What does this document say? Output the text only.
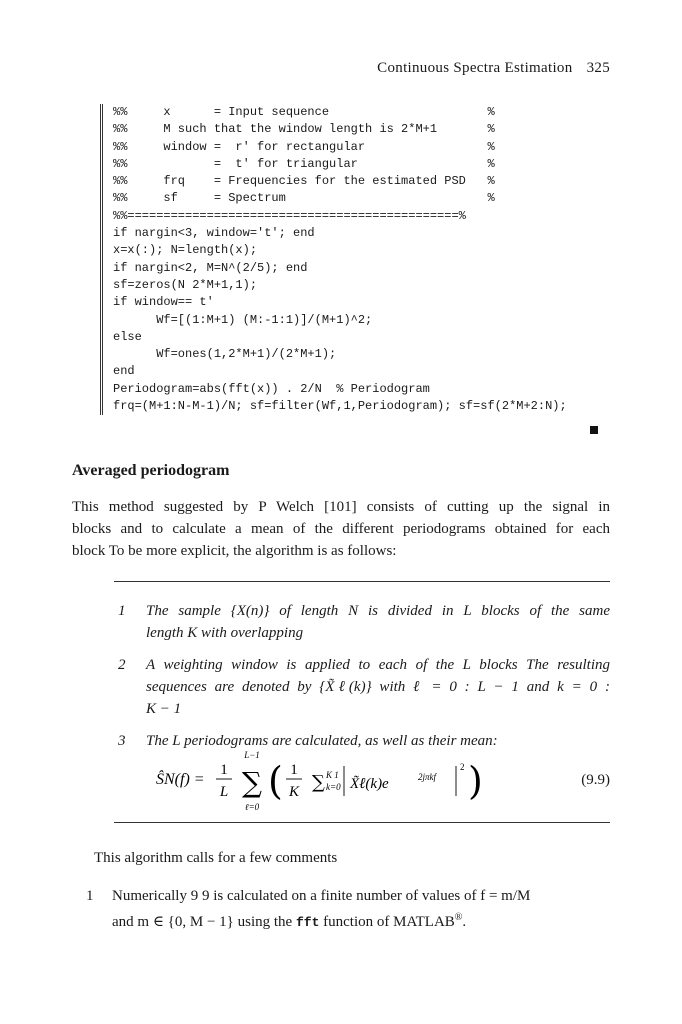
Continuous Spectra Estimation 325
%%     x      = Input sequence                      %
%%     M such that the window length is 2*M+1       %
%%     window =  r' for rectangular                 %
%%            =  t' for triangular                  %
%%     frq    = Frequencies for the estimated PSD   %
%%     sf     = Spectrum                            %
%%==============================================%
if nargin<3, window='t'; end
x=x(:); N=length(x);
if nargin<2, M=N^(2/5); end
sf=zeros(N 2*M+1,1);
if window== t'
Wf=[(1:M+1) (M:-1:1)]/(M+1)^2;
else
Wf=ones(1,2*M+1)/(2*M+1);
end
Periodogram=abs(fft(x)) . 2/N  % Periodogram
frq=(M+1:N-M-1)/N; sf=filter(Wf,1,Periodogram); sf=sf(2*M+2:N);
Averaged periodogram
This method suggested by P Welch [101] consists of cutting up the signal in
blocks and to calculate a mean of the different periodograms obtained for each
block To be more explicit, the algorithm is as follows:
1 The sample {X(n)} of length N is divided in L blocks of the same
length K with overlapping
2 A weighting window is applied to each of the L blocks The resulting
sequences are denoted by {X̃ℓ(k)} with ℓ = 0 : L − 1 and k = 0 :
K − 1
3 The L periodograms are calculated, as well as their mean:
ŜN(f) =
1
L
L−1
∑
ℓ=0
( 1
K ∑ K 1
k=0 X̃ℓ(k)e	2jπkf
2 )	(9.9)
This algorithm calls for a few comments
1 Numerically 9 9 is calculated on a finite number of values of f = m/M
and m ∈ {0, M − 1} using the fft function of MATLAB®.
